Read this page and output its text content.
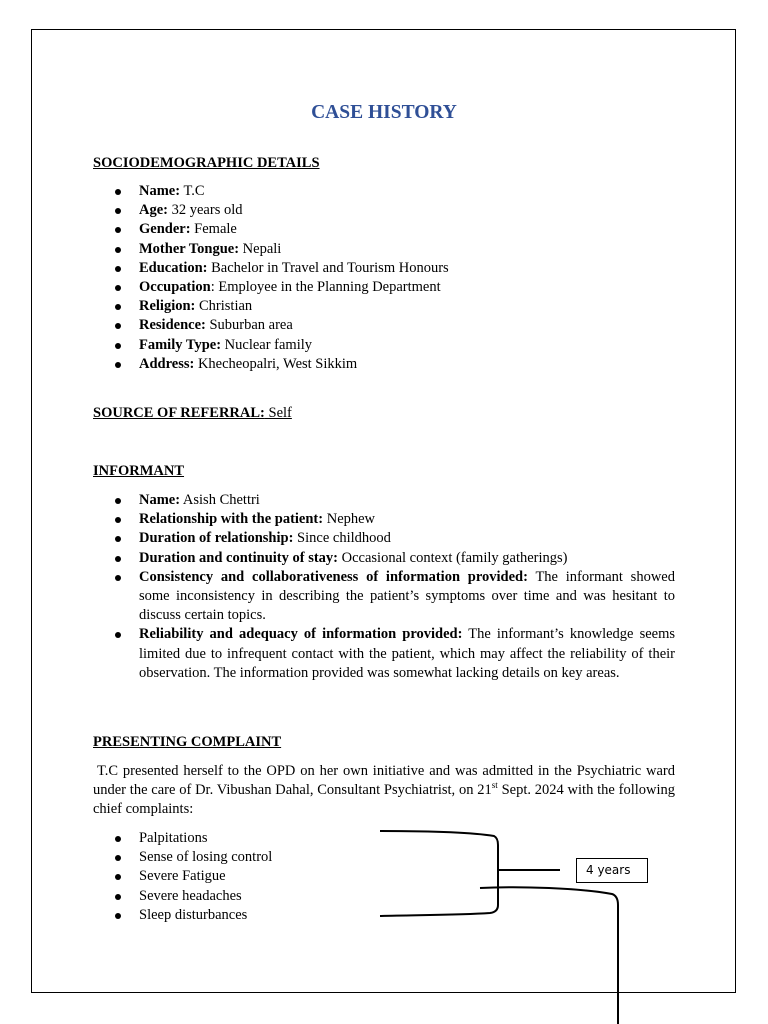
CASE HISTORY
SOCIODEMOGRAPHIC DETAILS
Name: T.C
Age: 32 years old
Gender: Female
Mother Tongue: Nepali
Education: Bachelor in Travel and Tourism Honours
Occupation: Employee in the Planning Department
Religion: Christian
Residence: Suburban area
Family Type: Nuclear family
Address: Khecheopalri, West Sikkim
SOURCE OF REFERRAL: Self
INFORMANT
Name: Asish Chettri
Relationship with the patient: Nephew
Duration of relationship: Since childhood
Duration and continuity of stay: Occasional context (family gatherings)
Consistency and collaborativeness of information provided: The informant showed some inconsistency in describing the patient’s symptoms over time and was hesitant to discuss certain topics.
Reliability and adequacy of information provided: The informant’s knowledge seems limited due to infrequent contact with the patient, which may affect the reliability of their observation. The information provided was somewhat lacking details on key areas.
PRESENTING COMPLAINT
T.C presented herself to the OPD on her own initiative and was admitted in the Psychiatric ward under the care of Dr. Vibushan Dahal, Consultant Psychiatrist, on 21st Sept. 2024 with the following chief complaints:
Palpitations
Sense of losing control
Severe Fatigue
Severe headaches
Sleep disturbances
4 years
